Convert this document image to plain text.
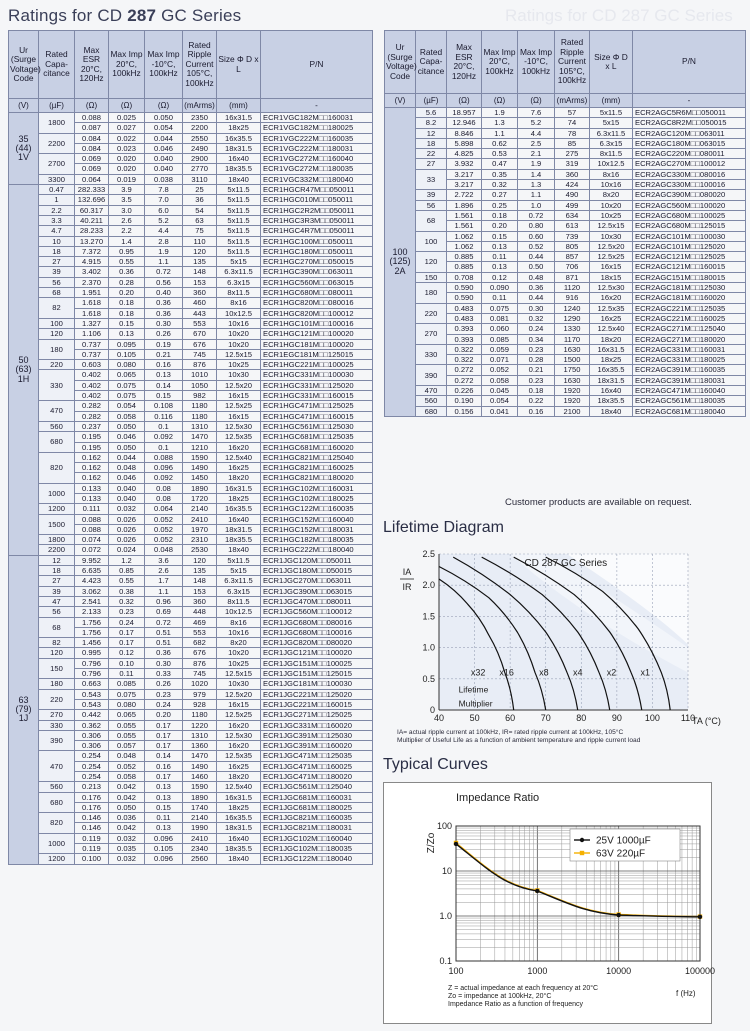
Ratings for CD 287 GC Series	Ratings for CD 287 GC Series
Ur (Surge Voltage) Code	Rated Capa-citance	Max ESR 20°C, 120Hz	Max Imp 20°C, 100kHz	Max Imp -10°C, 100kHz	Rated Ripple Current 105°C, 100kHz	Size Φ D x L	P/N
(V)	(µF)	(Ω)	(Ω)	(Ω)	(mArms)	(mm)	-

35
(44)
1V	1800	0.088	0.025	0.050	2350	16x31.5	ECR1VGC182M□□160031
		0.087	0.027	0.054	2200	18x25	ECR1VGC182M□□180025
	2200	0.084	0.022	0.044	2550	16x35.5	ECR1VGC222M□□160035
		0.084	0.023	0.046	2490	18x31.5	ECR1VGC222M□□180031
	2700	0.069	0.020	0.040	2900	16x40	ECR1VGC272M□□160040
		0.069	0.020	0.040	2770	18x35.5	ECR1VGC272M□□180035
	3300	0.064	0.019	0.038	3110	18x40	ECR1VGC332M□□180040

50
(63)
1H	0.47	282.333	3.9	7.8	25	5x11.5	ECR1HGCR47M□□050011
	1	132.696	3.5	7.0	36	5x11.5	ECR1HGC010M□□050011
	2.2	60.317	3.0	6.0	54	5x11.5	ECR1HGC2R2M□□050011
	3.3	40.211	2.6	5.2	63	5x11.5	ECR1HGC3R3M□□050011
	4.7	28.233	2.2	4.4	75	5x11.5	ECR1HGC4R7M□□050011
	10	13.270	1.4	2.8	110	5x11.5	ECR1HGC100M□□050011
	18	7.372	0.95	1.9	120	5x11.5	ECR1HGC180M□□050011
	27	4.915	0.55	1.1	135	5x15	ECR1HGC270M□□050015
	39	3.402	0.36	0.72	148	6.3x11.5	ECR1HGC390M□□063011
	56	2.370	0.28	0.56	153	6.3x15	ECR1HGC560M□□063015
	68	1.951	0.20	0.40	360	8x11.5	ECR1HGC680M□□080011
	82	1.618	0.18	0.36	460	8x16	ECR1HGC820M□□080016
		1.618	0.18	0.36	443	10x12.5	ECR1HGC820M□□100012
	100	1.327	0.15	0.30	553	10x16	ECR1HGC101M□□100016
	120	1.106	0.13	0.26	670	10x20	ECR1HGC121M□□100020
	180	0.737	0.095	0.19	676	10x20	ECR1HGC181M□□100020
		0.737	0.105	0.21	745	12.5x15	ECR1EGC181M□□125015
	220	0.603	0.080	0.16	876	10x25	ECR1HGC221M□□100025
	330	0.402	0.065	0.13	1010	10x30	ECR1HGC331M□□100030
		0.402	0.075	0.14	1050	12.5x20	ECR1HGC331M□□125020
		0.402	0.075	0.15	982	16x15	ECR1HGC331M□□160015
	470	0.282	0.054	0.108	1180	12.5x25	ECR1HGC471M□□125025
		0.282	0.058	0.116	1180	16x15	ECR1HGC471M□□160015
	560	0.237	0.050	0.1	1310	12.5x30	ECR1HGC561M□□125030
	680	0.195	0.046	0.092	1470	12.5x35	ECR1HGC681M□□125035
		0.195	0.050	0.1	1210	16x20	ECR1HGC681M□□160020
	820	0.162	0.044	0.088	1590	12.5x40	ECR1HGC821M□□125040
		0.162	0.048	0.096	1490	16x25	ECR1HGC821M□□160025
		0.162	0.046	0.092	1450	18x20	ECR1HGC821M□□180020
	1000	0.133	0.040	0.08	1890	16x31.5	ECR1HGC102M□□160031
		0.133	0.040	0.08	1720	18x25	ECR1HGC102M□□180025
	1200	0.111	0.032	0.064	2140	16x35.5	ECR1HGC122M□□160035
	1500	0.088	0.026	0.052	2410	16x40	ECR1HGC152M□□160040
		0.088	0.026	0.052	1970	18x31.5	ECR1HGC152M□□180031
	1800	0.074	0.026	0.052	2310	18x35.5	ECR1HGC182M□□180035
	2200	0.072	0.024	0.048	2530	18x40	ECR1HGC222M□□180040

63
(79)
1J	12	9.952	1.2	3.6	120	5x11.5	ECR1JGC120M□□050011
	18	6.635	0.85	2.6	135	5x15	ECR1JGC180M□□050015
	27	4.423	0.55	1.7	148	6.3x11.5	ECR1JGC270M□□063011
	39	3.062	0.38	1.1	153	6.3x15	ECR1JGC390M□□063015
	47	2.541	0.32	0.96	360	8x11.5	ECR1JGC470M□□080011
	56	2.133	0.23	0.69	448	10x12.5	ECR1JGC560M□□100012
	68	1.756	0.24	0.72	469	8x16	ECR1JGC680M□□080016
		1.756	0.17	0.51	553	10x16	ECR1JGC680M□□100016
	82	1.456	0.17	0.51	682	8x20	ECR1JGC820M□□080020
	120	0.995	0.12	0.36	676	10x20	ECR1JGC121M□□100020
	150	0.796	0.10	0.30	876	10x25	ECR1JGC151M□□100025
		0.796	0.11	0.33	745	12.5x15	ECR1JGC151M□□125015
	180	0.663	0.085	0.26	1020	10x30	ECR1JGC181M□□100030
	220	0.543	0.075	0.23	979	12.5x20	ECR1JGC221M□□125020
		0.543	0.080	0.24	928	16x15	ECR1JGC221M□□160015
	270	0.442	0.065	0.20	1180	12.5x25	ECR1JGC271M□□125025
	330	0.362	0.055	0.17	1220	16x20	ECR1JGC331M□□160020
	390	0.306	0.055	0.17	1310	12.5x30	ECR1JGC391M□□125030
		0.306	0.057	0.17	1360	16x20	ECR1JGC391M□□160020
	470	0.254	0.048	0.14	1470	12.5x35	ECR1JGC471M□□125035
		0.254	0.052	0.16	1490	16x25	ECR1JGC471M□□160025
		0.254	0.058	0.17	1460	18x20	ECR1JGC471M□□180020
	560	0.213	0.042	0.13	1590	12.5x40	ECR1JGC561M□□125040
	680	0.176	0.042	0.13	1890	16x31.5	ECR1JGC681M□□160031
		0.176	0.050	0.15	1740	18x25	ECR1JGC681M□□180025
	820	0.146	0.036	0.11	2140	16x35.5	ECR1JGC821M□□160035
		0.146	0.042	0.13	1990	18x31.5	ECR1JGC821M□□180031
	1000	0.119	0.032	0.096	2410	16x40	ECR1JGC102M□□160040
		0.119	0.035	0.105	2340	18x35.5	ECR1JGC102M□□180035
	1200	0.100	0.032	0.096	2560	18x40	ECR1JGC122M□□180040
Ur (Surge Voltage) Code	Rated Capa-citance	Max ESR 20°C, 120Hz	Max Imp 20°C, 100kHz	Max Imp -10°C, 100kHz	Rated Ripple Current 105°C, 100kHz	Size Φ D x L	P/N
(V)	(µF)	(Ω)	(Ω)	(Ω)	(mArms)	(mm)	-

100
(125)
2A	5.6	18.957	1.9	7.6	57	5x11.5	ECR2AGC5R6M□□050011
	8.2	12.946	1.3	5.2	74	5x15	ECR2AGC8R2M□□050015
	12	8.846	1.1	4.4	78	6.3x11.5	ECR2AGC120M□□063011
	18	5.898	0.62	2.5	85	6.3x15	ECR2AGC180M□□063015
	22	4.825	0.53	2.1	275	8x11.5	ECR2AGC220M□□080011
	27	3.932	0.47	1.9	319	10x12.5	ECR2AGC270M□□100012
	33	3.217	0.35	1.4	360	8x16	ECR2AGC330M□□080016
		3.217	0.32	1.3	424	10x16	ECR2AGC330M□□100016
	39	2.722	0.27	1.1	490	8x20	ECR2AGC390M□□080020
	56	1.896	0.25	1.0	499	10x20	ECR2AGC560M□□100020
	68	1.561	0.18	0.72	634	10x25	ECR2AGC680M□□100025
		1.561	0.20	0.80	613	12.5x15	ECR2AGC680M□□125015
	100	1.062	0.15	0.60	739	10x30	ECR2AGC101M□□100030
		1.062	0.13	0.52	805	12.5x20	ECR2AGC101M□□125020
	120	0.885	0.11	0.44	857	12.5x25	ECR2AGC121M□□125025
		0.885	0.13	0.50	706	16x15	ECR2AGC121M□□160015
	150	0.708	0.12	0.48	871	18x15	ECR2AGC151M□□180015
	180	0.590	0.090	0.36	1120	12.5x30	ECR2AGC181M□□125030
		0.590	0.11	0.44	916	16x20	ECR2AGC181M□□160020
	220	0.483	0.075	0.30	1240	12.5x35	ECR2AGC221M□□125035
		0.483	0.081	0.32	1290	16x25	ECR2AGC221M□□160025
	270	0.393	0.060	0.24	1330	12.5x40	ECR2AGC271M□□125040
		0.393	0.085	0.34	1170	18x20	ECR2AGC271M□□180020
	330	0.322	0.059	0.23	1630	16x31.5	ECR2AGC331M□□160031
		0.322	0.071	0.28	1500	18x25	ECR2AGC331M□□180025
	390	0.272	0.052	0.21	1750	16x35.5	ECR2AGC391M□□160035
		0.272	0.058	0.23	1630	18x31.5	ECR2AGC391M□□180031
	470	0.226	0.045	0.18	1920	16x40	ECR2AGC471M□□160040
	560	0.190	0.054	0.22	1920	18x35.5	ECR2AGC561M□□180035
	680	0.156	0.041	0.16	2100	18x40	ECR2AGC681M□□180040
Customer products are available on request.
Lifetime Diagram
40	50	60	70	80	90	100 110
0
0.5
1.0
1.5
2.0
2.5
CD 287 GC Series
IA
IR
TA (°C)
x32 x16	x8	x4	x2	x1
Lifetime
Multiplier
IA= actual ripple current at 100kHz, IR= rated ripple current at 100kHz, 105°C
Multiplier of Useful Life as a function of ambient temperature and ripple current load
Typical Curves
Impedance Ratio
100	1000	10000	100000
0.1
1.0
10
100
Z/Zo
f (Hz)
25V 1000µF
63V 220µF
Z = actual impedance at each frequency at 20°C
Zo = impedance at 100kHz, 20°C
Impedance Ratio as a function of frequency
